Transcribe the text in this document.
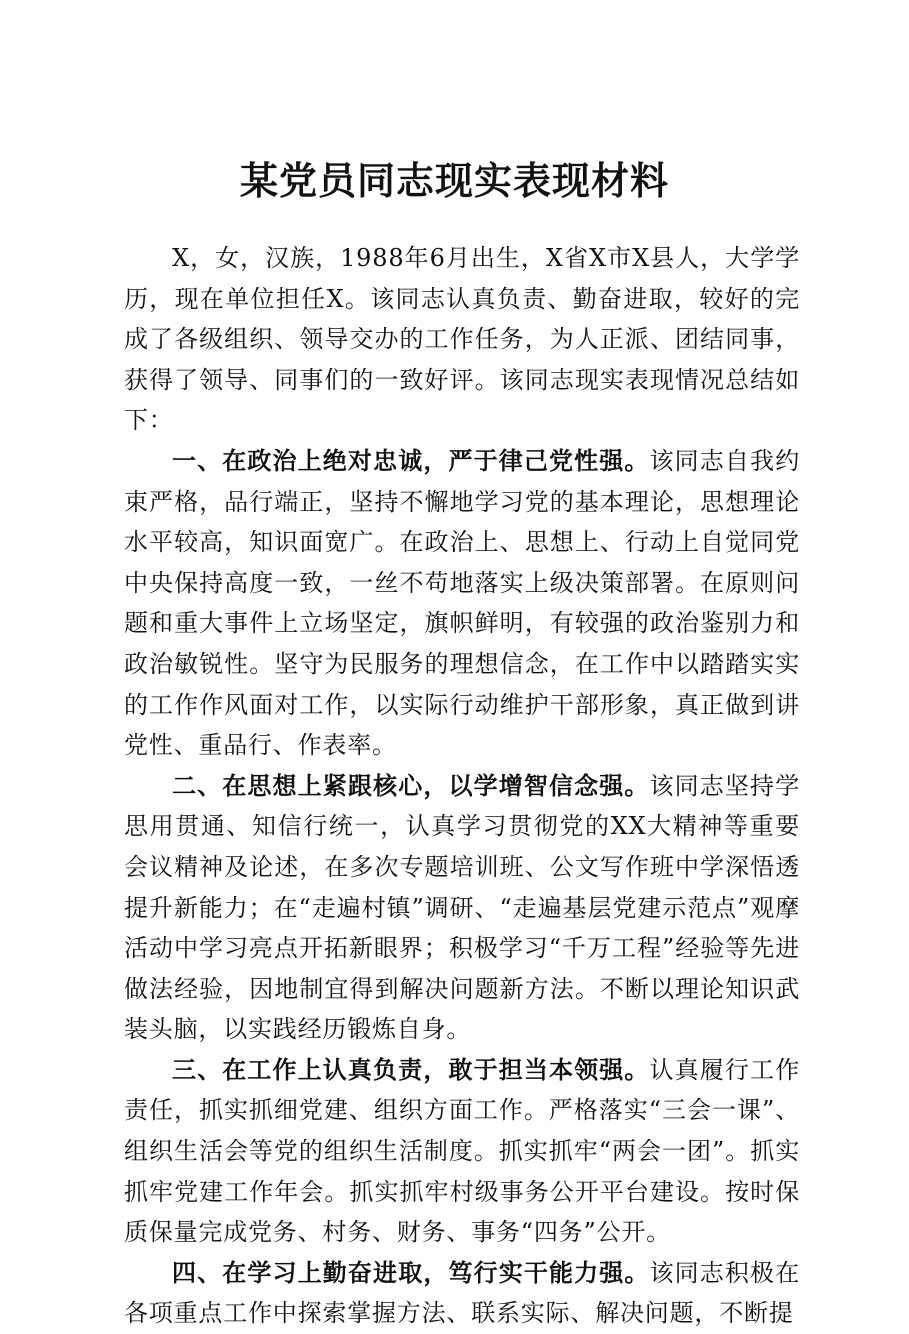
某党员同志现实表现材料

X，女，汉族，1988年6月出生，X省X市X县人，大学学历，现在单位担任X。该同志认真负责、勤奋进取，较好的完成了各级组织、领导交办的工作任务，为人正派、团结同事，获得了领导、同事们的一致好评。该同志现实表现情况总结如下：

一、在政治上绝对忠诚，严于律己党性强。该同志自我约束严格，品行端正，坚持不懈地学习党的基本理论，思想理论水平较高，知识面宽广。在政治上、思想上、行动上自觉同党中央保持高度一致，一丝不苟地落实上级决策部署。在原则问题和重大事件上立场坚定，旗帜鲜明，有较强的政治鉴别力和政治敏锐性。坚守为民服务的理想信念，在工作中以踏踏实实的工作作风面对工作，以实际行动维护干部形象，真正做到讲党性、重品行、作表率。

二、在思想上紧跟核心，以学增智信念强。该同志坚持学思用贯通、知信行统一，认真学习贯彻党的XX大精神等重要会议精神及论述，在多次专题培训班、公文写作班中学深悟透提升新能力；在“走遍村镇”调研、“走遍基层党建示范点”观摩活动中学习亮点开拓新眼界；积极学习“千万工程”经验等先进做法经验，因地制宜得到解决问题新方法。不断以理论知识武装头脑，以实践经历锻炼自身。

三、在工作上认真负责，敢于担当本领强。认真履行工作责任，抓实抓细党建、组织方面工作。严格落实“三会一课”、组织生活会等党的组织生活制度。抓实抓牢“两会一团”。抓实抓牢党建工作年会。抓实抓牢村级事务公开平台建设。按时保质保量完成党务、村务、财务、事务“四务”公开。

四、在学习上勤奋进取，笃行实干能力强。该同志积极在各项重点工作中探索掌握方法、联系实际、解决问题，不断提
